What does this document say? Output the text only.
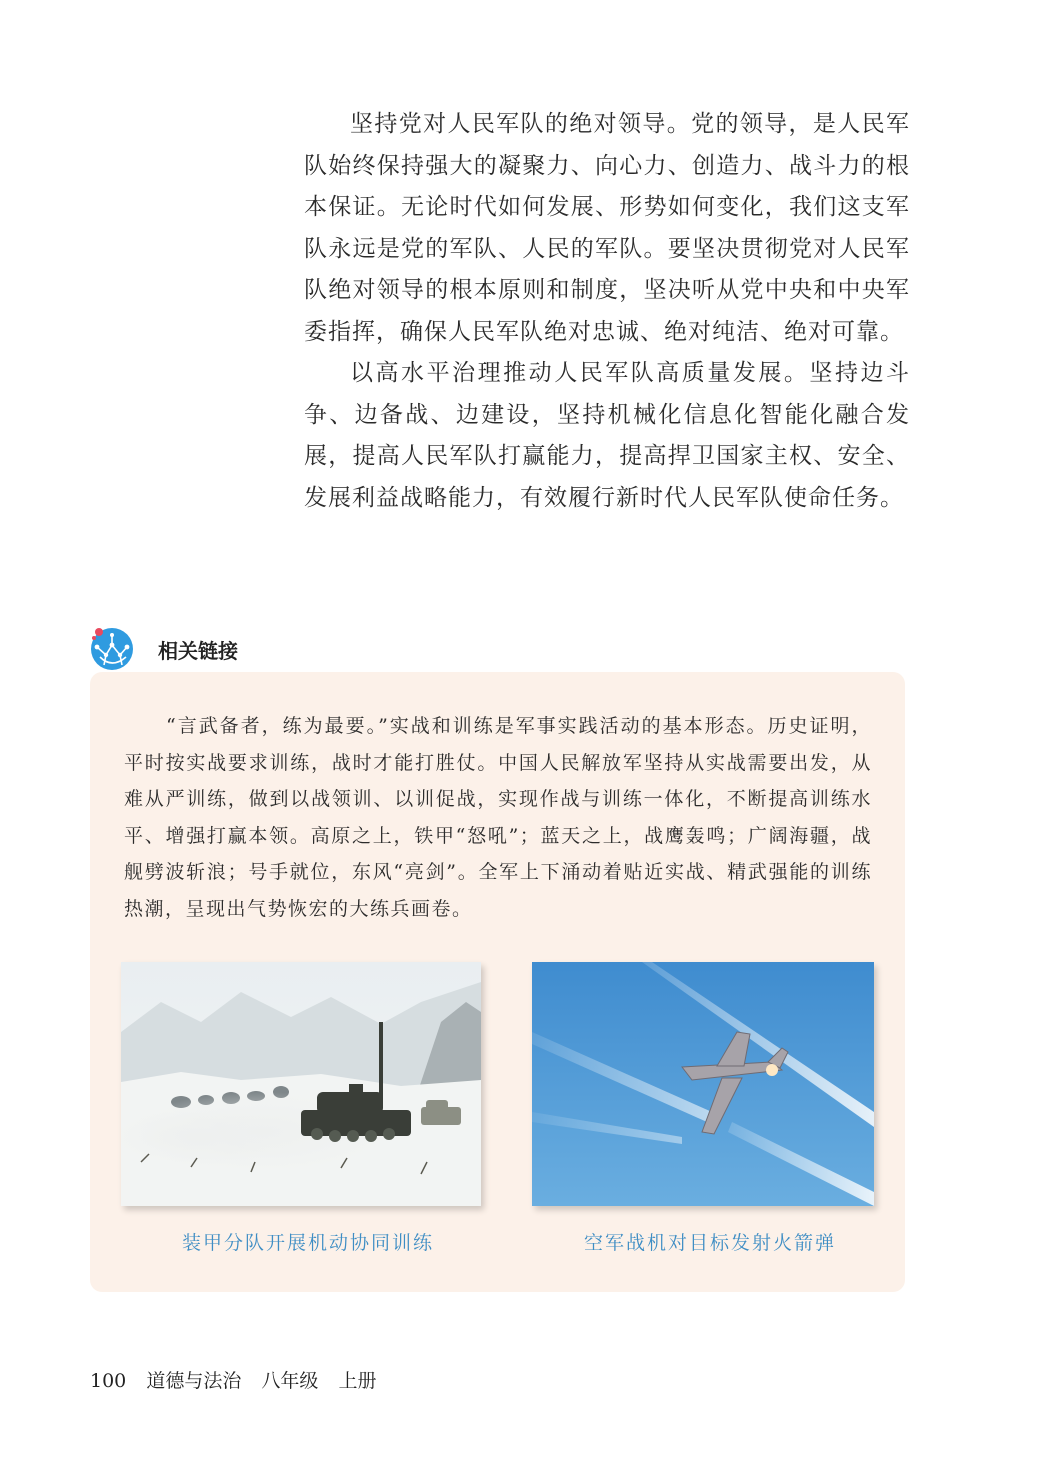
坚持党对人民军队的绝对领导。党的领导，是人民军队始终保持强大的凝聚力、向心力、创造力、战斗力的根本保证。无论时代如何发展、形势如何变化，我们这支军队永远是党的军队、人民的军队。要坚决贯彻党对人民军队绝对领导的根本原则和制度，坚决听从党中央和中央军委指挥，确保人民军队绝对忠诚、绝对纯洁、绝对可靠。

以高水平治理推动人民军队高质量发展。坚持边斗争、边备战、边建设，坚持机械化信息化智能化融合发展，提高人民军队打赢能力，提高捍卫国家主权、安全、发展利益战略能力，有效履行新时代人民军队使命任务。

相关链接

“言武备者，练为最要。”实战和训练是军事实践活动的基本形态。历史证明，平时按实战要求训练，战时才能打胜仗。中国人民解放军坚持从实战需要出发，从难从严训练，做到以战领训、以训促战，实现作战与训练一体化，不断提高训练水平、增强打赢本领。高原之上，铁甲“怒吼”；蓝天之上，战鹰轰鸣；广阔海疆，战舰劈波斩浪；号手就位，东风“亮剑”。全军上下涌动着贴近实战、精武强能的训练热潮，呈现出气势恢宏的大练兵画卷。

装甲分队开展机动协同训练	空军战机对目标发射火箭弹
100 道德与法治 八年级 上册
